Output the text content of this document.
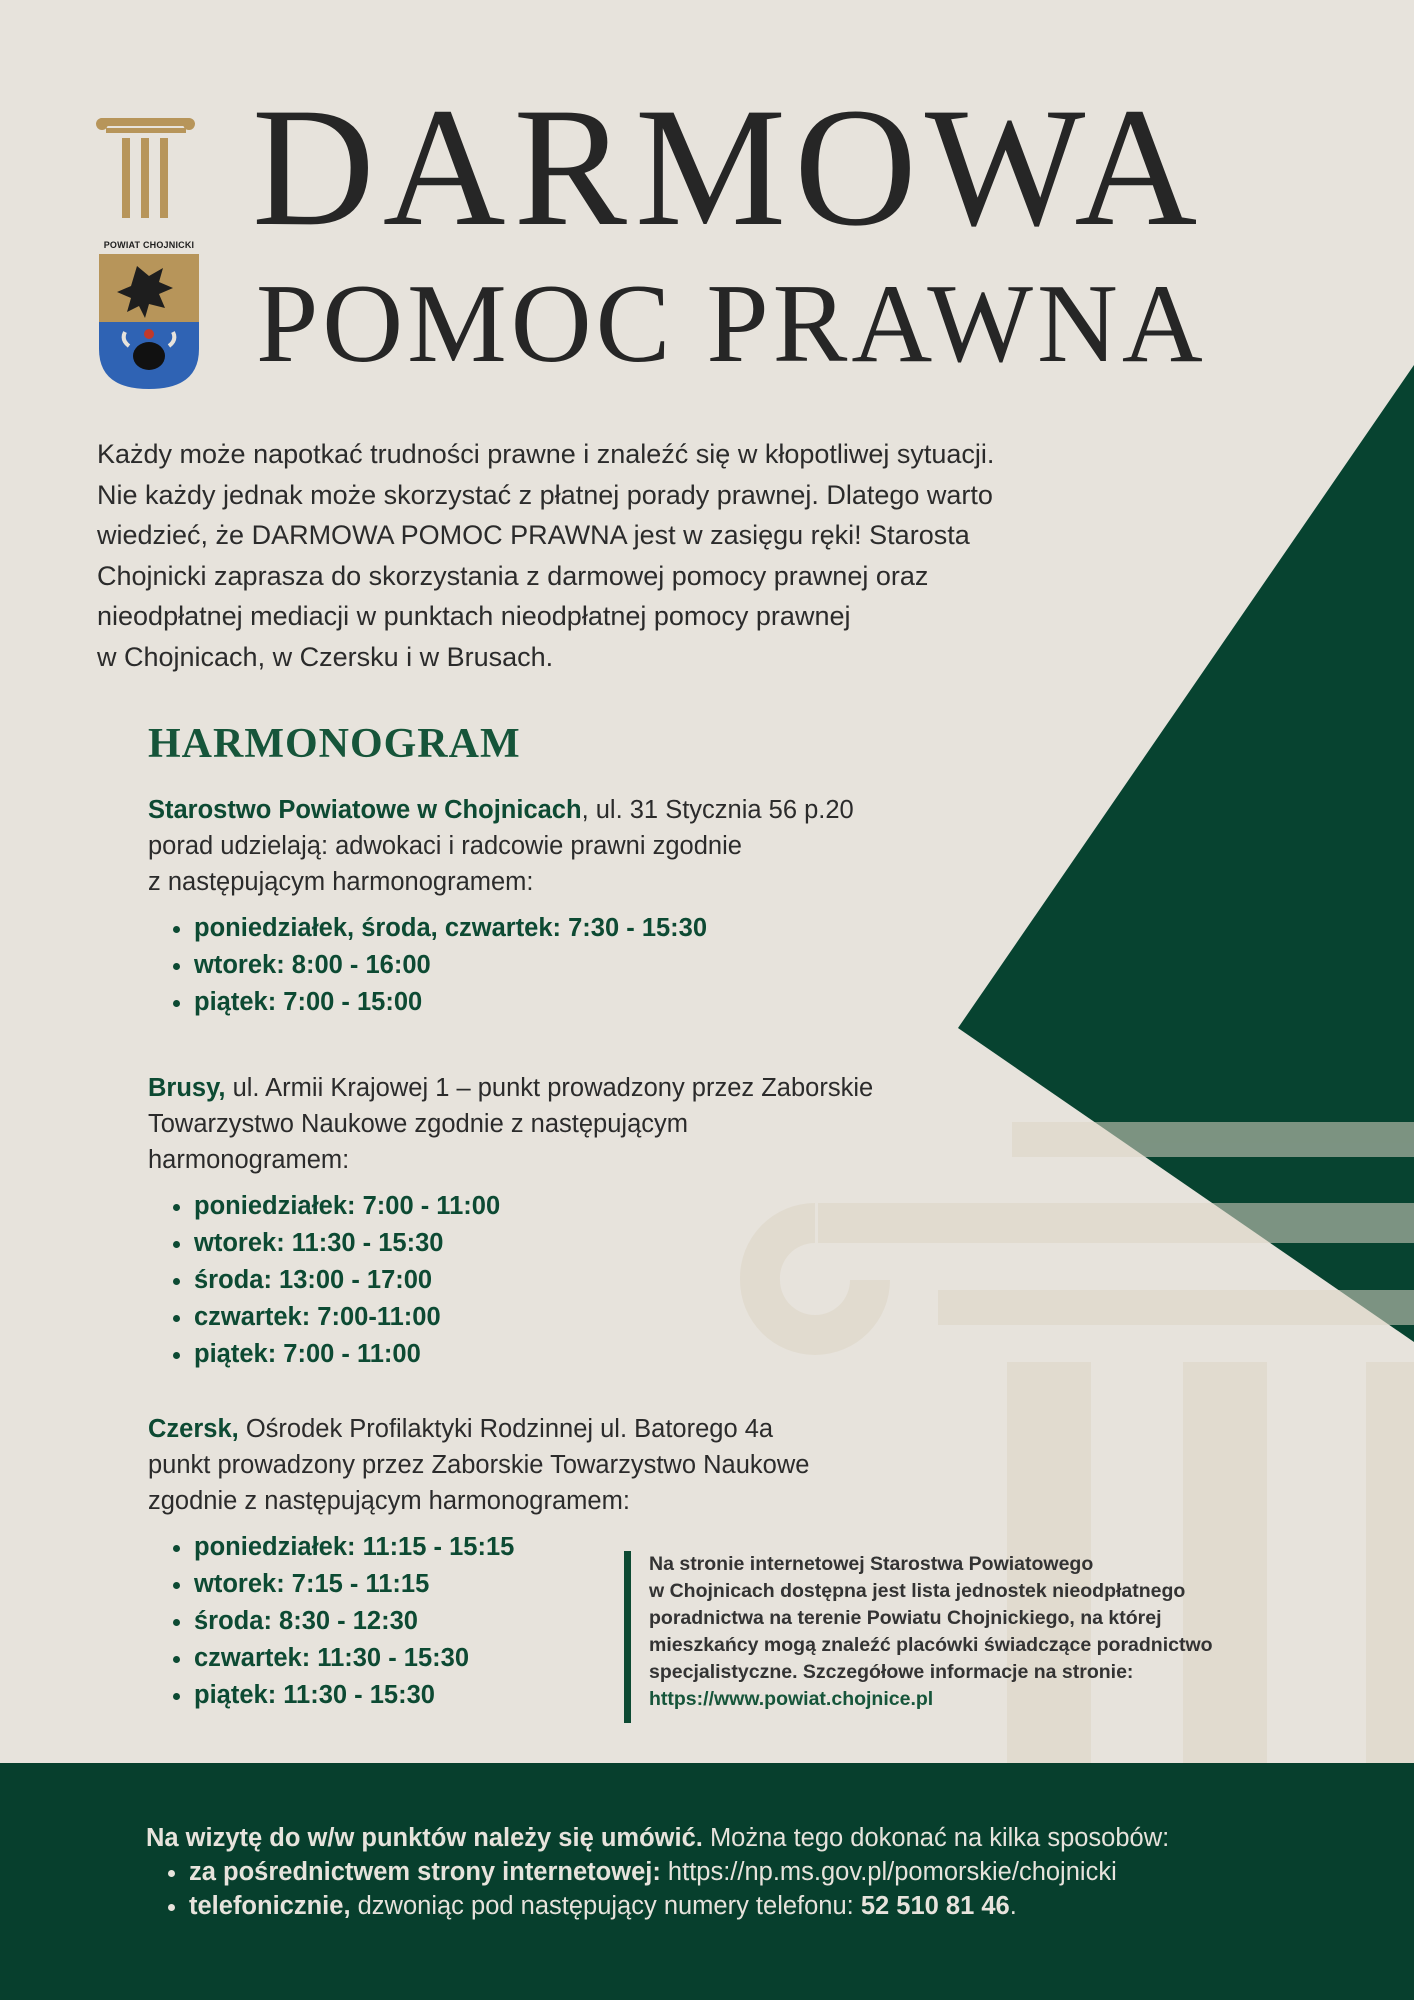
POWIAT CHOJNICKI DARMOWA
POMOC PRAWNA

Każdy może napotkać trudności prawne i znaleźć się w kłopotliwej sytuacji.

Nie każdy jednak może skorzystać z płatnej porady prawnej. Dlatego warto

wiedzieć, że DARMOWA POMOC PRAWNA jest w zasięgu ręki! Starosta

Chojnicki zaprasza do skorzystania z darmowej pomocy prawnej oraz

nieodpłatnej mediacji w punktach nieodpłatnej pomocy prawnej

w Chojnicach, w Czersku i w Brusach.

HARMONOGRAM

Starostwo Powiatowe w Chojnicach, ul. 31 Stycznia 56 p.20

porad udzielają: adwokaci i radcowie prawni zgodnie

z następującym harmonogramem:

• poniedziałek, środa, czwartek: 7:30 - 15:30
• wtorek: 8:00 - 16:00
• piątek: 7:00 - 15:00

Brusy, ul. Armii Krajowej 1 – punkt prowadzony przez Zaborskie

Towarzystwo Naukowe zgodnie z następującym

harmonogramem:

• poniedziałek: 7:00 - 11:00
• wtorek: 11:30 - 15:30
• środa: 13:00 - 17:00
• czwartek: 7:00-11:00
• piątek: 7:00 - 11:00

Czersk, Ośrodek Profilaktyki Rodzinnej ul. Batorego 4a

punkt prowadzony przez Zaborskie Towarzystwo Naukowe

zgodnie z następującym harmonogramem:

• poniedziałek: 11:15 - 15:15
• wtorek: 7:15 - 11:15
• środa: 8:30 - 12:30
• czwartek: 11:30 - 15:30
• piątek: 11:30 - 15:30

Na stronie internetowej Starostwa Powiatowego

w Chojnicach dostępna jest lista jednostek nieodpłatnego

poradnictwa na terenie Powiatu Chojnickiego, na której

mieszkańcy mogą znaleźć placówki świadczące poradnictwo

specjalistyczne. Szczegółowe informacje na stronie:

https://www.powiat.chojnice.pl

Na wizytę do w/w punktów należy się umówić. Można tego dokonać na kilka sposobów:

• za pośrednictwem strony internetowej: https://np.ms.gov.pl/pomorskie/chojnicki
• telefonicznie, dzwoniąc pod następujący numery telefonu: 52 510 81 46.
